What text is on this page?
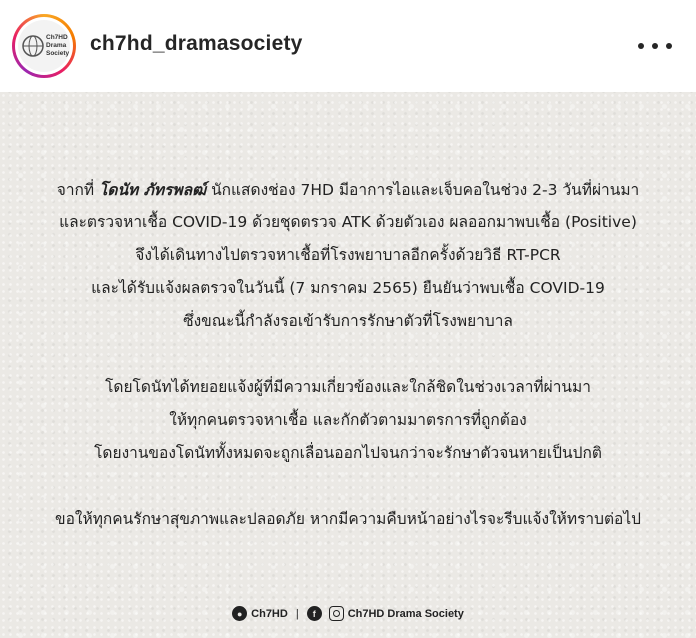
Ch7HD
Drama
Society ch7hd_dramasociety
จากที่ โดนัท ภัทรพลฒ์ นักแสดงช่อง 7HD มีอาการไอและเจ็บคอในช่วง 2-3 วันที่ผ่านมา
และตรวจหาเชื้อ COVID-19 ด้วยชุดตรวจ ATK ด้วยตัวเอง ผลออกมาพบเชื้อ (Positive)
จึงได้เดินทางไปตรวจหาเชื้อที่โรงพยาบาลอีกครั้งด้วยวิธี RT-PCR
และได้รับแจ้งผลตรวจในวันนี้ (7 มกราคม 2565) ยืนยันว่าพบเชื้อ COVID-19
ซึ่งขณะนี้กำลังรอเข้ารับการรักษาตัวที่โรงพยาบาล
โดยโดนัทได้ทยอยแจ้งผู้ที่มีความเกี่ยวข้องและใกล้ชิดในช่วงเวลาที่ผ่านมา
ให้ทุกคนตรวจหาเชื้อ และกักตัวตามมาตรการที่ถูกต้อง
โดยงานของโดนัททั้งหมดจะถูกเลื่อนออกไปจนกว่าจะรักษาตัวจนหายเป็นปกติ
ขอให้ทุกคนรักษาสุขภาพและปลอดภัย หากมีความคืบหน้าอย่างไรจะรีบแจ้งให้ทราบต่อไป
● Ch7HD |	f	Ch7HD Drama Society
